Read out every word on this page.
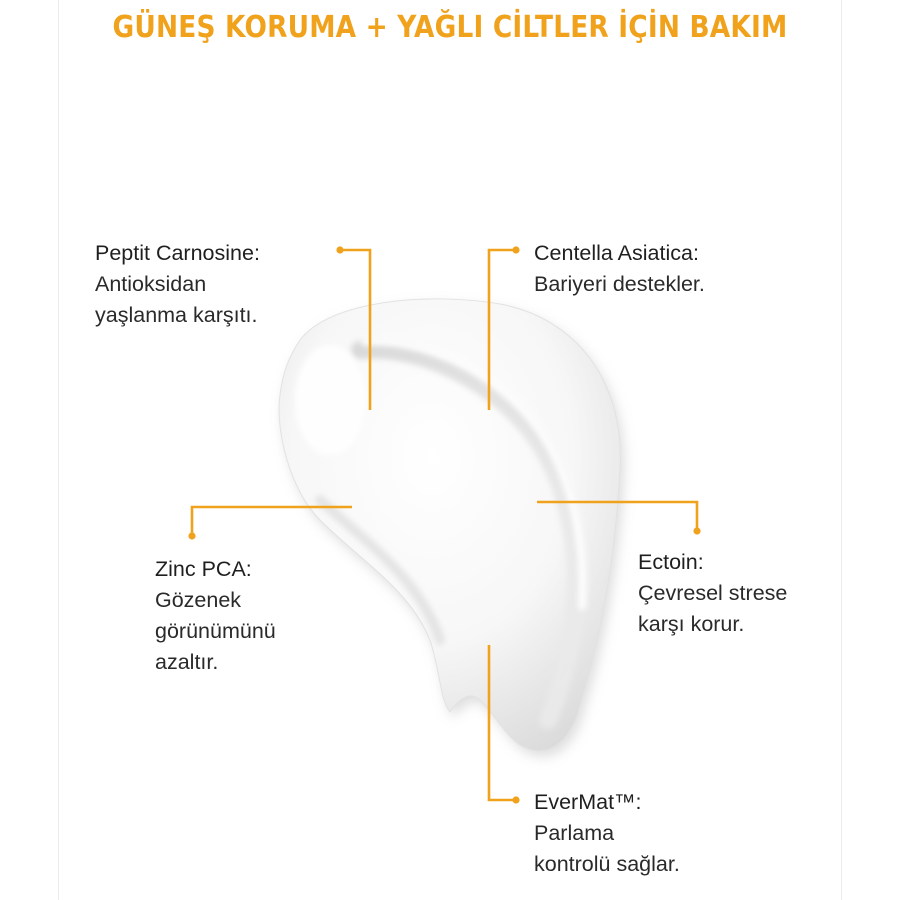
GÜNEŞ KORUMA + YAĞLI CİLTLER İÇİN BAKIM
Peptit Carnosine:
Antioksidan
yaşlanma karşıtı.
Centella Asiatica:
Bariyeri destekler.
Zinc PCA:
Gözenek
görünümünü
azaltır.
Ectoin:
Çevresel strese
karşı korur.
EverMat™:
Parlama
kontrolü sağlar.
